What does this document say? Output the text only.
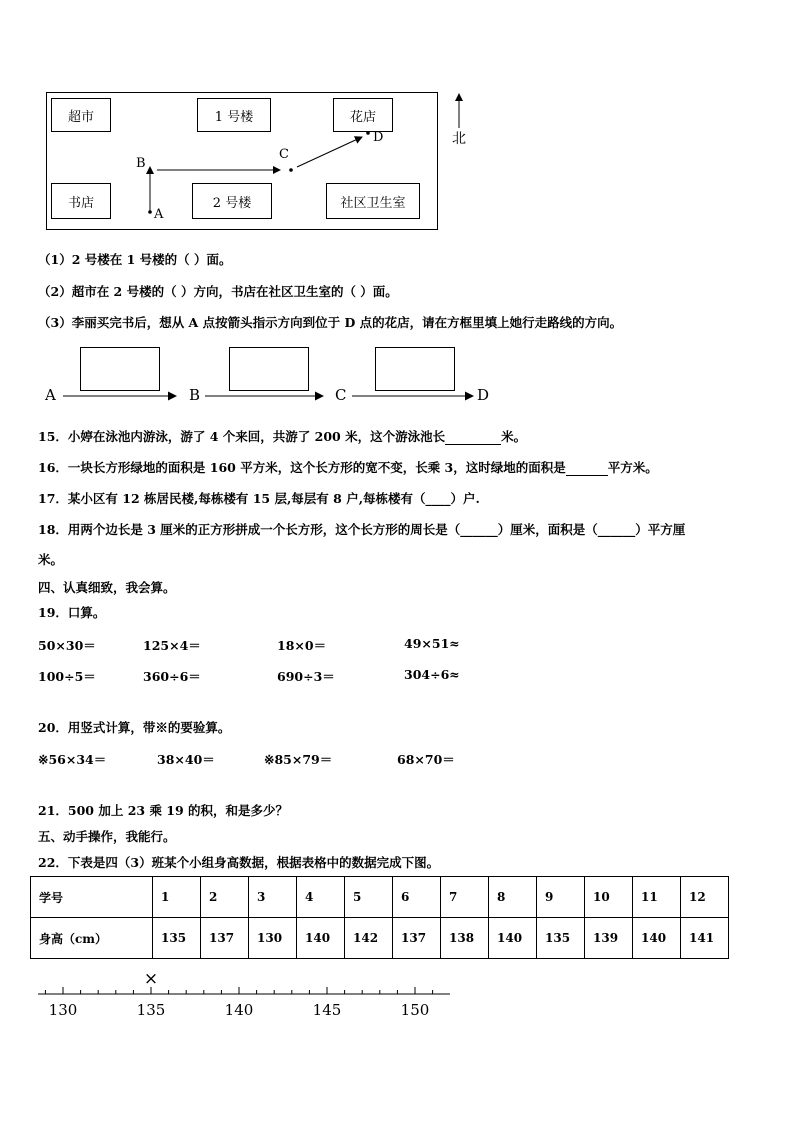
超市	1 号楼	花店
书店	2 号楼	社区卫生室
B
A
C
D	北
（1）2 号楼在 1 号楼的（ ）面。
（2）超市在 2 号楼的（ ）方向，书店在社区卫生室的（ ）面。
（3）李丽买完书后，想从 A 点按箭头指示方向到位于 D 点的花店，请在方框里填上她行走路线的方向。
A	B	C	D
15．小婷在泳池内游泳，游了 4 个来回，共游了 200 米，这个游泳池长	米。
16．一块长方形绿地的面积是 160 平方米，这个长方形的宽不变，长乘 3，这时绿地的面积是	平方米。
17．某小区有 12 栋居民楼,每栋楼有 15 层,每层有 8 户,每栋楼有（____）户.
18．用两个边长是 3 厘米的正方形拼成一个长方形，这个长方形的周长是（______）厘米，面积是（______）平方厘
米。
四、认真细致，我会算。
19．口算。
50×30＝	125×4＝	18×0＝	49×51≈
100÷5＝	360÷6＝	690÷3＝	304÷6≈
20．用竖式计算，带※的要验算。
※56×34＝	38×40＝	※85×79＝	68×70＝
21．500 加上 23 乘 19 的积，和是多少？
五、动手操作，我能行。
22．下表是四（3）班某个小组身高数据，根据表格中的数据完成下图。
学号	1	2	3	4	5	6	7	8	9	10	11	12
身高（cm）	135	137	130	140	142	137	138	140	135	139	140	141
130	135	140	145	150
×
